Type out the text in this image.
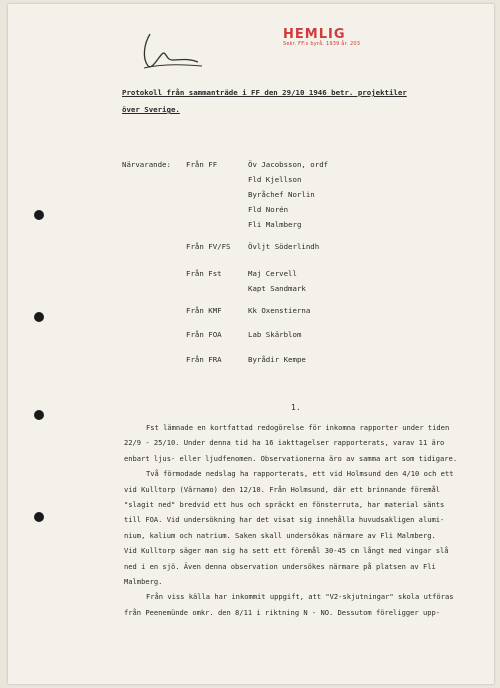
HEMLIG
Sekr. FF:s byrå. 1939 år. 203
Protokoll från sammanträde i FF den 29/10 1946 betr. projektiler
över Sverige.
Närvarande: Från FF	Öv Jacobsson, ordf
Fld Kjellson
Byråchef Norlin
Fld Norén
Fli Malmberg
Från FV/FS Övljt Söderlindh
Från Fst	Maj Cervell
Kapt Sandmark
Från KMF	Kk Oxenstierna
Från FOA	Lab Skärblom
Från FRA	Byrådir Kempe
1.
Fst lämnade en kortfattad redogörelse för inkomna rapporter under tiden
22/9 - 25/10. Under denna tid ha 16 iakttagelser rapporterats, varav 11 äro
enbart ljus- eller ljudfenomen. Observationerna äro av samma art som tidigare.
Två förmodade nedslag ha rapporterats, ett vid Holmsund den 4/10 och ett
vid Kulltorp (Värnamo) den 12/10. Från Holmsund, där ett brinnande föremål
"slagit ned" bredvid ett hus och spräckt en fönsterruta, har material sänts
till FOA. Vid undersökning har det visat sig innehålla huvudsakligen alumi-
nium, kalium och natrium. Saken skall undersökas närmare av Fli Malmberg.
Vid Kulltorp säger man sig ha sett ett föremål 30-45 cm långt med vingar slå
ned i en sjö. Även denna observation undersökes närmare på platsen av Fli
Malmberg.
Från viss källa har inkommit uppgift, att "V2-skjutningar" skola utföras
från Peenemünde omkr. den 8/11 i riktning N - NO. Dessutom föreligger upp-
